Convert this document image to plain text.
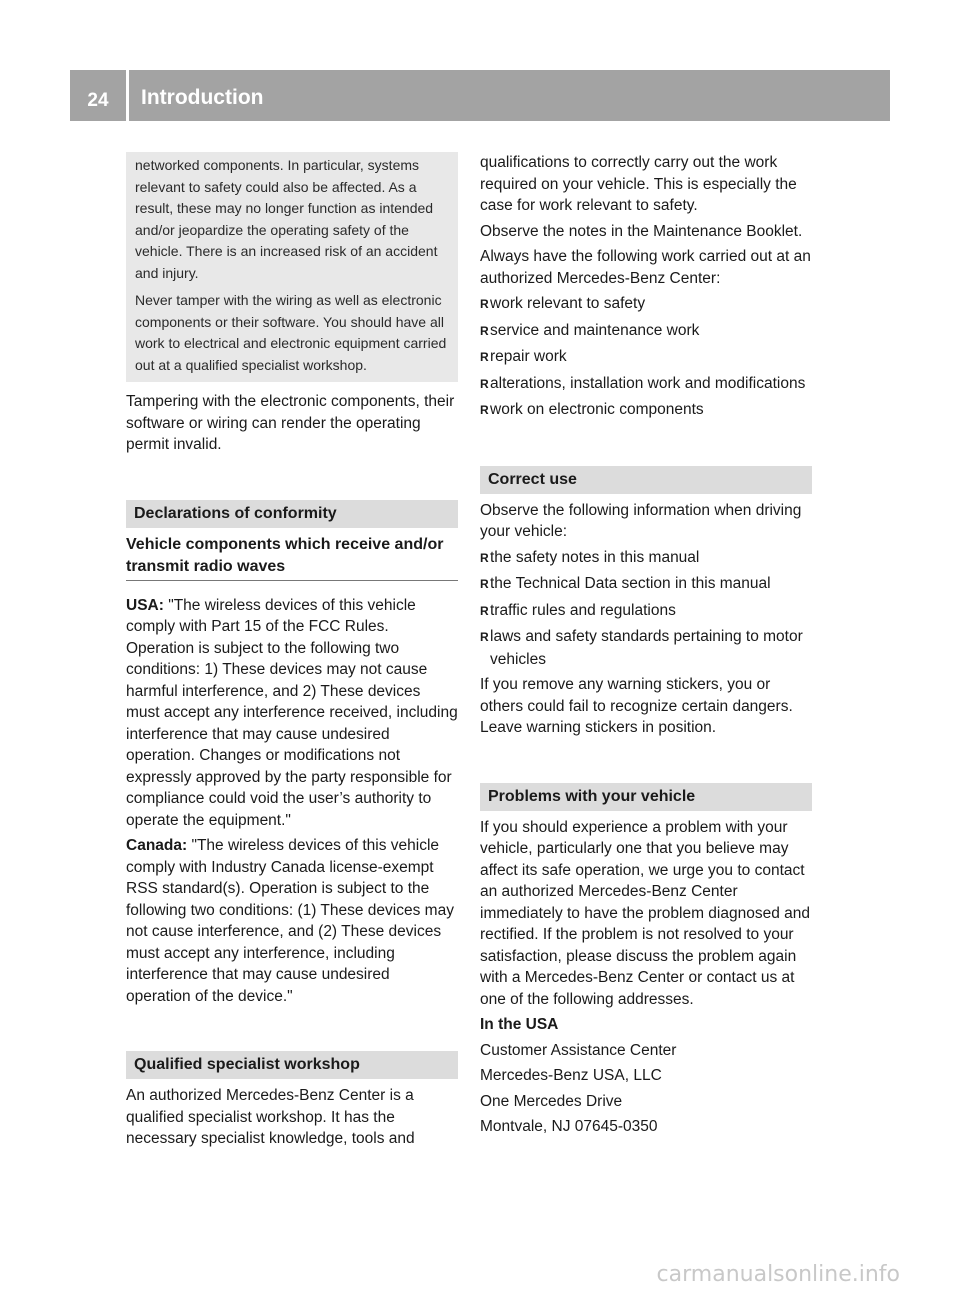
24	Introduction

networked components. In particular, systems relevant to safety could also be affected. As a result, these may no longer function as intended and/or jeopardize the operating safety of the vehicle. There is an increased risk of an accident and injury.

Never tamper with the wiring as well as electronic components or their software. You should have all work to electrical and electronic equipment carried out at a qualified specialist workshop.

Tampering with the electronic components, their software or wiring can render the operating permit invalid.

Declarations of conformity
Vehicle components which receive and/or transmit radio waves

USA: "The wireless devices of this vehicle comply with Part 15 of the FCC Rules. Operation is subject to the following two conditions: 1) These devices may not cause harmful interference, and 2) These devices must accept any interference received, including interference that may cause undesired operation. Changes or modifications not expressly approved by the party responsible for compliance could void the user’s authority to operate the equipment."

Canada: "The wireless devices of this vehicle comply with Industry Canada license-exempt RSS standard(s). Operation is subject to the following two conditions: (1) These devices may not cause interference, and (2) These devices must accept any interference, including interference that may cause undesired operation of the device."

Qualified specialist workshop

An authorized Mercedes-Benz Center is a qualified specialist workshop. It has the necessary specialist knowledge, tools and

qualifications to correctly carry out the work required on your vehicle. This is especially the case for work relevant to safety.

Observe the notes in the Maintenance Booklet.

Always have the following work carried out at an authorized Mercedes-Benz Center:

Rwork relevant to safety
Rservice and maintenance work
Rrepair work
Ralterations, installation work and modifications
Rwork on electronic components
Correct use

Observe the following information when driving your vehicle:

Rthe safety notes in this manual
Rthe Technical Data section in this manual
Rtraffic rules and regulations
Rlaws and safety standards pertaining to motor vehicles

If you remove any warning stickers, you or others could fail to recognize certain dangers. Leave warning stickers in position.

Problems with your vehicle

If you should experience a problem with your vehicle, particularly one that you believe may affect its safe operation, we urge you to contact an authorized Mercedes-Benz Center immediately to have the problem diagnosed and rectified. If the problem is not resolved to your satisfaction, please discuss the problem again with a Mercedes-Benz Center or contact us at one of the following addresses.

In the USA

Customer Assistance Center

Mercedes-Benz USA, LLC

One Mercedes Drive

Montvale, NJ 07645-0350

carmanualsonline.info
